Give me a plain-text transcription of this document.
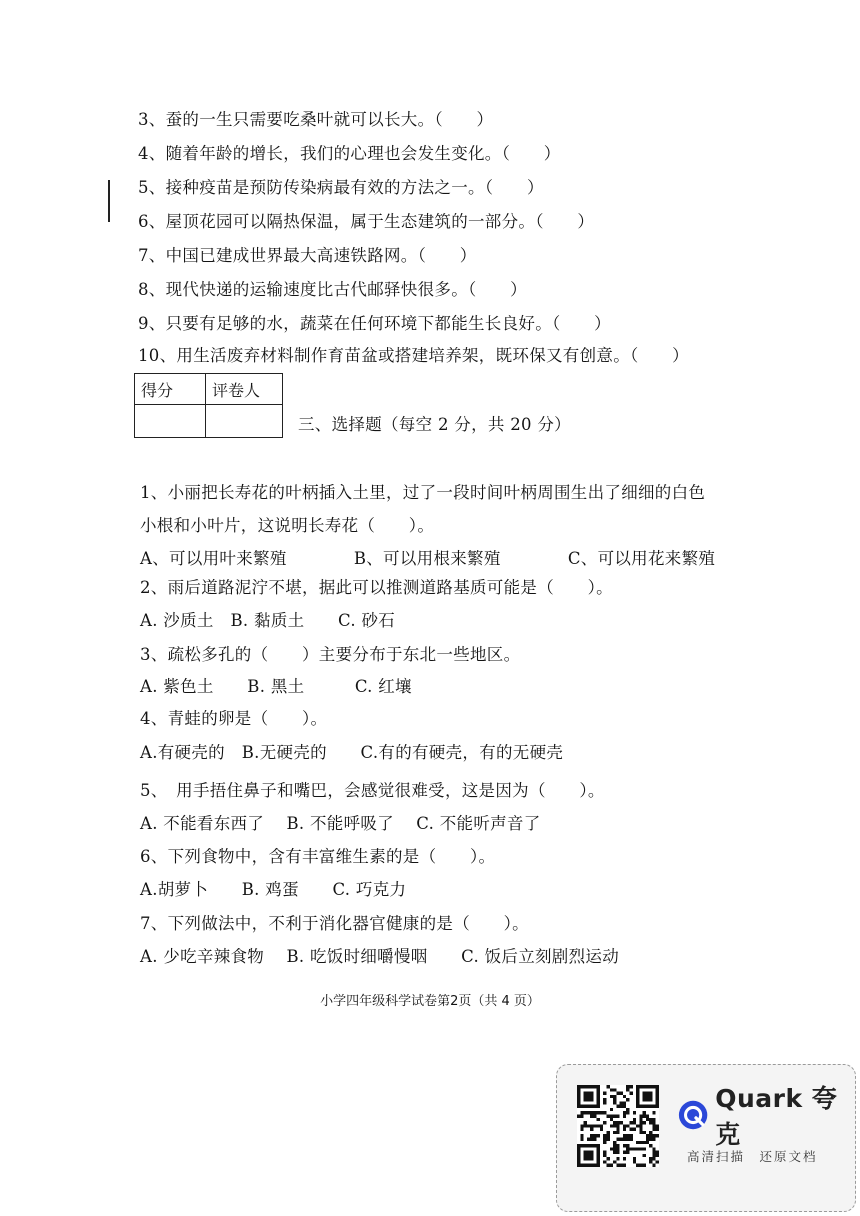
3、蚕的一生只需要吃桑叶就可以长大。（　　）
4、随着年龄的增长，我们的心理也会发生变化。（　　）
5、接种疫苗是预防传染病最有效的方法之一。（　　）
6、屋顶花园可以隔热保温，属于生态建筑的一部分。（　　）
7、中国已建成世界最大高速铁路网。（　　）
8、现代快递的运输速度比古代邮驿快很多。（　　）
9、只要有足够的水，蔬菜在任何环境下都能生长良好。（　　）
10、用生活废弃材料制作育苗盆或搭建培养架，既环保又有创意。（　　）
得分	评卷人

三、选择题（每空 2 分，共 20 分）
1、小丽把长寿花的叶柄插入土里，过了一段时间叶柄周围生出了细细的白色
小根和小叶片，这说明长寿花（　　）。
A、可以用叶来繁殖　　　　B、可以用根来繁殖　　　　C、可以用花来繁殖
2、雨后道路泥泞不堪，据此可以推测道路基质可能是（　　）。
A. 沙质土　B. 黏质土　　C. 砂石
3、疏松多孔的（　　）主要分布于东北一些地区。
A. 紫色土　　B. 黑土　　　C. 红壤
4、青蛙的卵是（　　）。
A.有硬壳的　B.无硬壳的　　C.有的有硬壳，有的无硬壳
5、　用手捂住鼻子和嘴巴，会感觉很难受，这是因为（　　）。
A. 不能看东西了　 B. 不能呼吸了　 C. 不能听声音了
6、下列食物中，含有丰富维生素的是（　　）。
A.胡萝卜　　B. 鸡蛋　　C. 巧克力
7、下列做法中，不利于消化器官健康的是（　　）。
A. 少吃辛辣食物　 B. 吃饭时细嚼慢咽　　C. 饭后立刻剧烈运动
小学四年级科学试卷第2页（共 4 页）
Quark 夸克
高清扫描　还原文档
